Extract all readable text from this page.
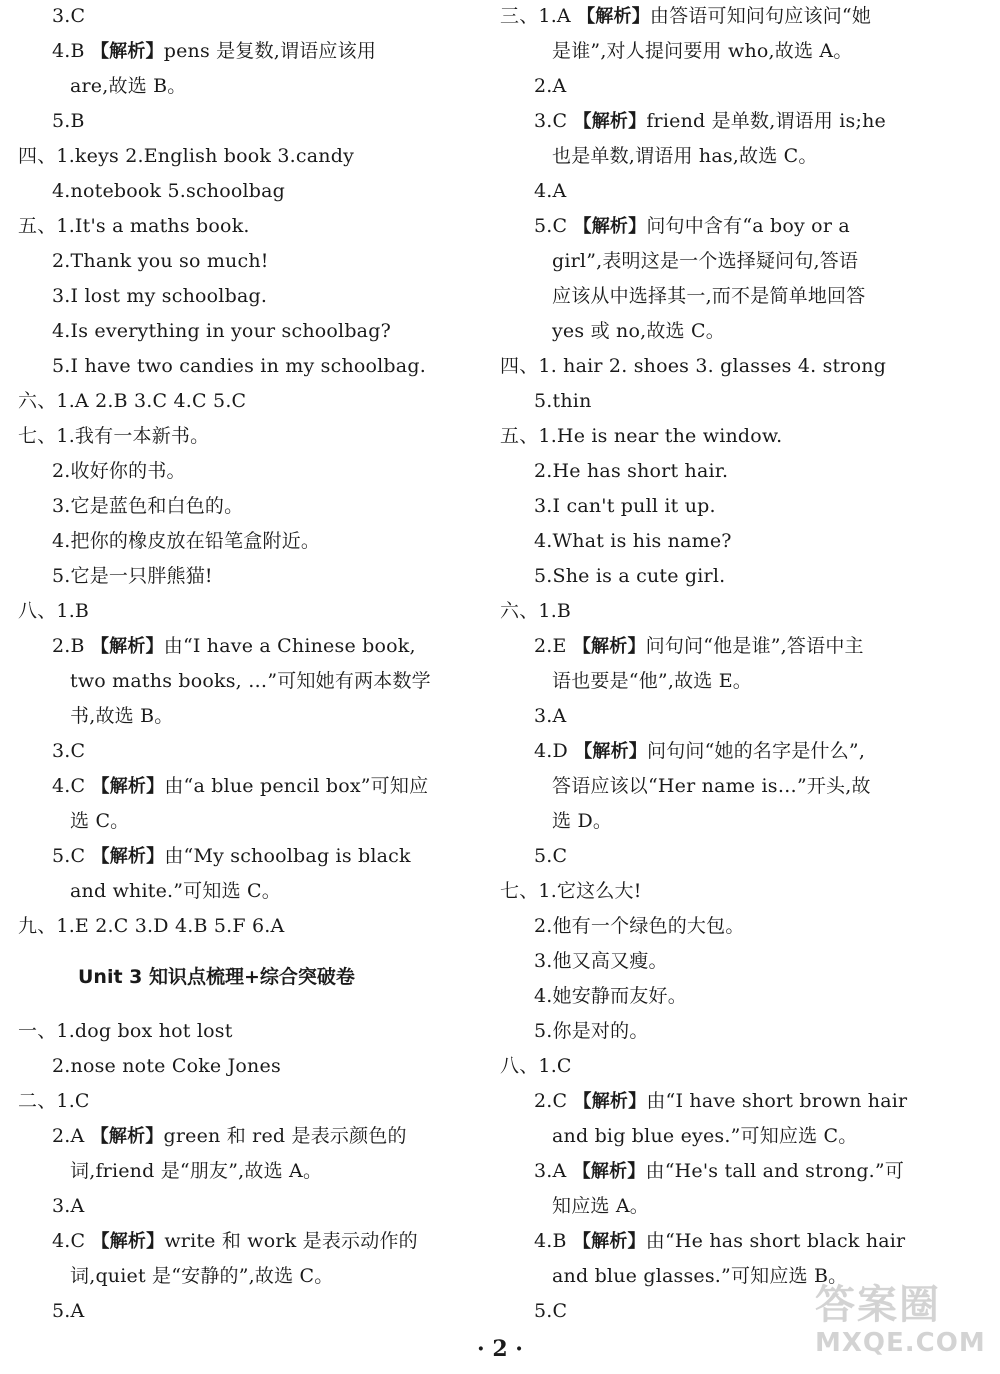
3.C
4.B 【解析】pens 是复数,谓语应该用
are,故选 B。
5.B
四、1.keys 2.English book 3.candy
4.notebook 5.schoolbag
五、1.It's a maths book.
2.Thank you so much!
3.I lost my schoolbag.
4.Is everything in your schoolbag?
5.I have two candies in my schoolbag.
六、1.A 2.B 3.C 4.C 5.C
七、1.我有一本新书。
2.收好你的书。
3.它是蓝色和白色的。
4.把你的橡皮放在铅笔盒附近。
5.它是一只胖熊猫!
八、1.B
2.B 【解析】由“I have a Chinese book,
two maths books, …”可知她有两本数学
书,故选 B。
3.C
4.C 【解析】由“a blue pencil box”可知应
选 C。
5.C 【解析】由“My schoolbag is black
and white.”可知选 C。
九、1.E 2.C 3.D 4.B 5.F 6.A
一、1.dog box hot lost
2.nose note Coke Jones
二、1.C
2.A 【解析】green 和 red 是表示颜色的
词,friend 是“朋友”,故选 A。
3.A
4.C 【解析】write 和 work 是表示动作的
词,quiet 是“安静的”,故选 C。
5.A
Unit 3 知识点梳理+综合突破卷
三、1.A 【解析】由答语可知问句应该问“她
是谁”,对人提问要用 who,故选 A。
2.A
3.C 【解析】friend 是单数,谓语用 is;he
也是单数,谓语用 has,故选 C。
4.A
5.C 【解析】问句中含有“a boy or a
girl”,表明这是一个选择疑问句,答语
应该从中选择其一,而不是简单地回答
yes 或 no,故选 C。
四、1. hair 2. shoes 3. glasses 4. strong
5.thin
五、1.He is near the window.
2.He has short hair.
3.I can't pull it up.
4.What is his name?
5.She is a cute girl.
六、1.B
2.E 【解析】问句问“他是谁”,答语中主
语也要是“他”,故选 E。
3.A
4.D 【解析】问句问“她的名字是什么”,
答语应该以“Her name is…”开头,故
选 D。
5.C
七、1.它这么大!
2.他有一个绿色的大包。
3.他又高又瘦。
4.她安静而友好。
5.你是对的。
八、1.C
2.C 【解析】由“I have short brown hair
and big blue eyes.”可知应选 C。
3.A 【解析】由“He's tall and strong.”可
知应选 A。
4.B 【解析】由“He has short black hair
and blue glasses.”可知应选 B。
5.C
· 2 ·
答案圈
MXQE.COM
